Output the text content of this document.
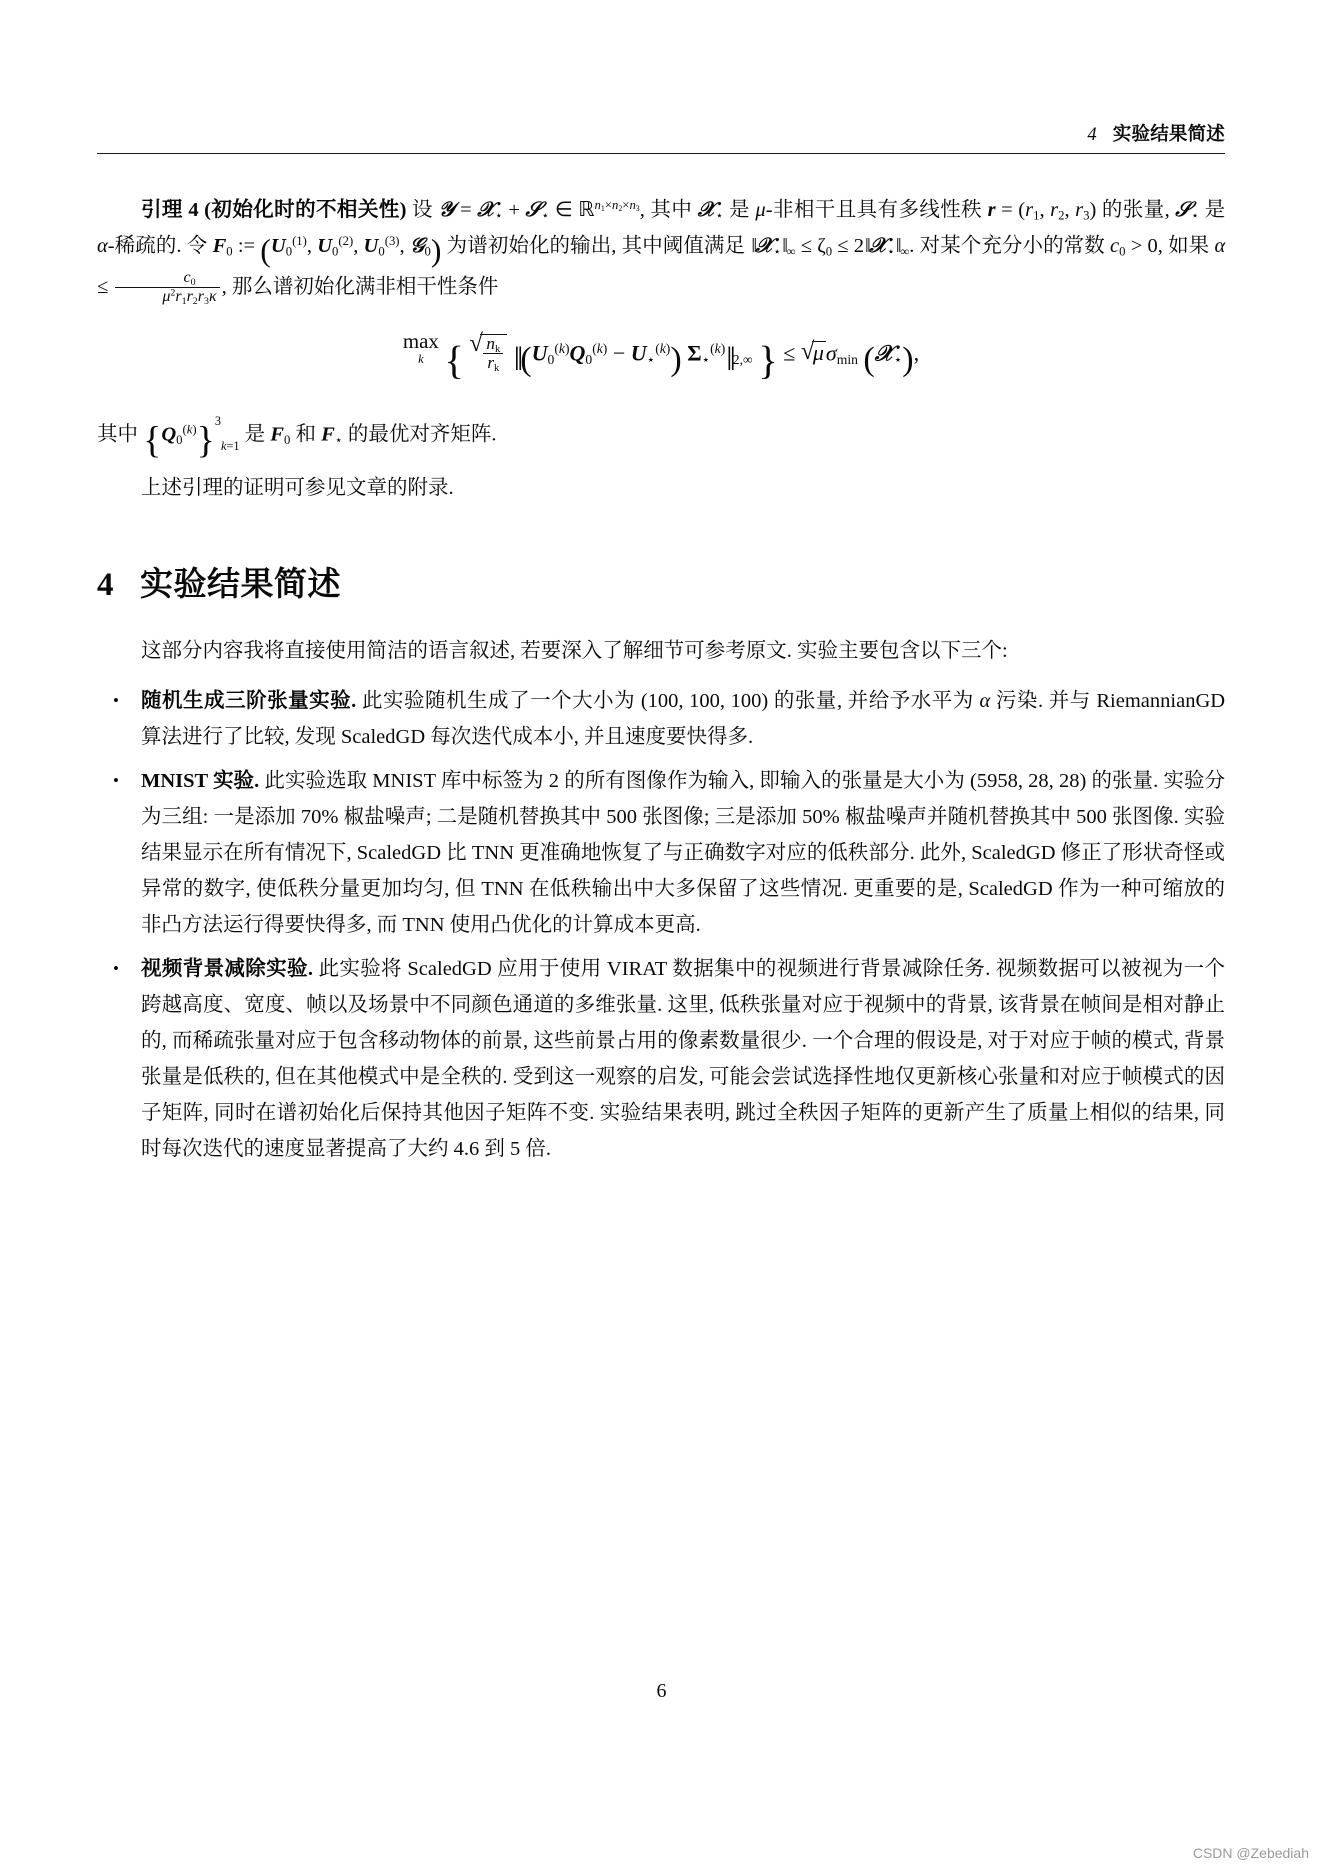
4 实验结果简述

引理 4 (初始化时的不相关性) 设 𝒴 = 𝒳$_⋆$ + 𝒮$_⋆$ ∈ ℝ$^{n_1\times n_2\times n_3}$, 其中 𝒳$_⋆$ 是 μ-非相干且具有多线性秩 $r = (r_1$, $r_2$, $r_3$) 的张量, 𝒮$_⋆$ 是 α-稀疏的. 令 $F_0$ := ($U_0^{(1)}$, $U_0^{(2)}$, $U_0^{(3)}$, 𝒢$_0$) 为谱初始化的输出, 其中阈值满足 $‖𝒳_⋆‖_\infty \le \zeta_0$ ≤ $2‖𝒳_⋆‖_\infty$. 对某个充分小的常数 $c_0 > 0$, 如果 $\alpha \le \frac{c_0}{\mu^2r_1r_2r_3\kappa}$ , 那么谱初始化满非相干性条件

max
k { √ $\frac{n_k}{r_k}$ $‖(U_0^{(k)}Q_0^{(k)} - U_⋆^{(k)})$ $\Sigma_⋆^{(k)}‖_{2,\infty}$ } ≤ √ $\mu\sigma_{min}$ (𝒳$_⋆$),

其中 $\{Q_0^{(k)}\}^3_{k=1}$ 是 $F_0$ 和 $F_⋆$ 的最优对齐矩阵.

上述引理的证明可参见文章的附录.

4 实验结果简述

这部分内容我将直接使用简洁的语言叙述, 若要深入了解细节可参考原文. 实验主要包含以下三个:

• 随机生成三阶张量实验. 此实验随机生成了一个大小为 (100, 100, 100) 的张量, 并给予水平为 α 污染. 并与 RiemannianGD 算法进行了比较, 发现 ScaledGD 每次迭代成本小, 并且速度要快得多.
• MNIST 实验. 此实验选取 MNIST 库中标签为 2 的所有图像作为输入, 即输入的张量是大小为 (5958, 28, 28) 的张量. 实验分为三组: 一是添加 70% 椒盐噪声; 二是随机替换其中 500 张图像; 三是添加 50% 椒盐噪声并随机替换其中 500 张图像. 实验结果显示在所有情况下, ScaledGD 比 TNN 更准确地恢复了与正确数字对应的低秩部分. 此外, ScaledGD 修正了形状奇怪或异常的数字, 使低秩分量更加均匀, 但 TNN 在低秩输出中大多保留了这些情况. 更重要的是, ScaledGD 作为一种可缩放的非凸方法运行得要快得多, 而 TNN 使用凸优化的计算成本更高.
• 视频背景减除实验. 此实验将 ScaledGD 应用于使用 VIRAT 数据集中的视频进行背景减除任务. 视频数据可以被视为一个跨越高度、宽度、帧以及场景中不同颜色通道的多维张量. 这里, 低秩张量对应于视频中的背景, 该背景在帧间是相对静止的, 而稀疏张量对应于包含移动物体的前景, 这些前景占用的像素数量很少. 一个合理的假设是, 对于对应于帧的模式, 背景张量是低秩的, 但在其他模式中是全秩的. 受到这一观察的启发, 可能会尝试选择性地仅更新核心张量和对应于帧模式的因子矩阵, 同时在谱初始化后保持其他因子矩阵不变. 实验结果表明, 跳过全秩因子矩阵的更新产生了质量上相似的结果, 同时每次迭代的速度显著提高了大约 4.6 到 5 倍.
6
CSDN @Zebediah
